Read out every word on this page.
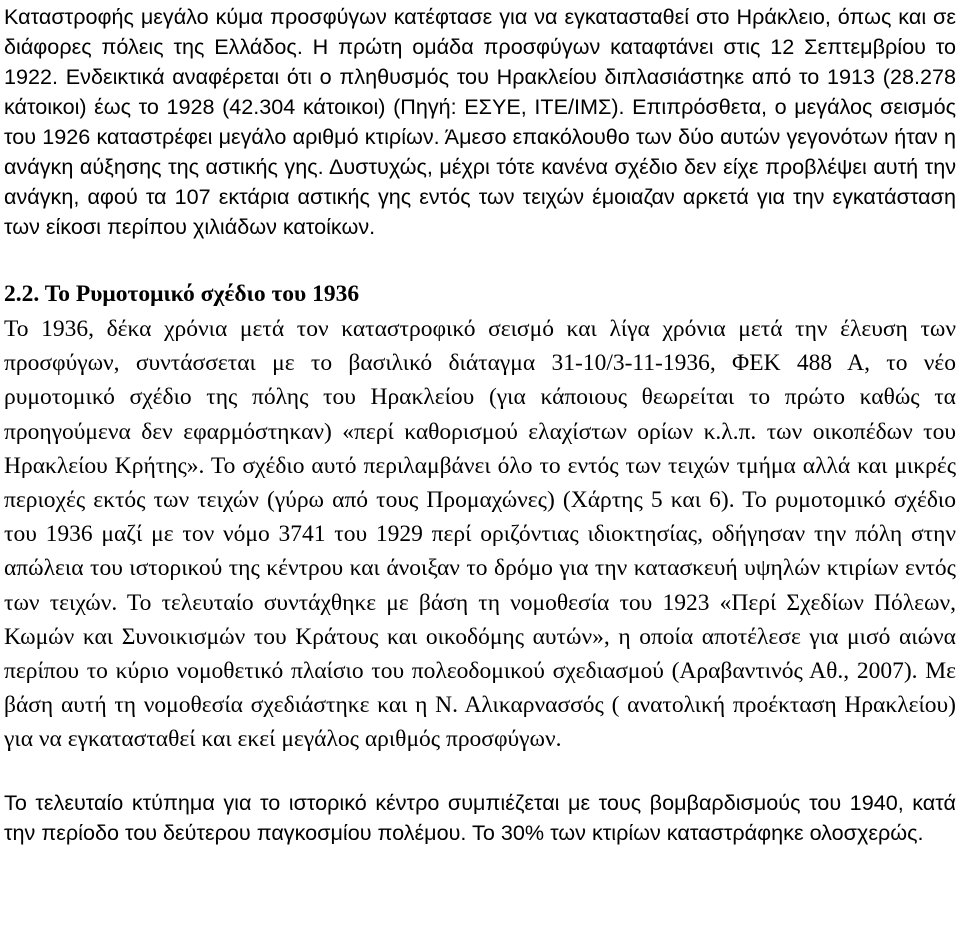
Καταστροφής μεγάλο κύμα προσφύγων κατέφτασε για να εγκατασταθεί στο Ηράκλειο, όπως και σε διάφορες πόλεις της Ελλάδος. Η πρώτη ομάδα προσφύγων καταφτάνει στις 12 Σεπτεμβρίου το 1922. Ενδεικτικά αναφέρεται ότι ο πληθυσμός του Ηρακλείου διπλασιάστηκε από το 1913 (28.278 κάτοικοι) έως το 1928 (42.304 κάτοικοι) (Πηγή: ΕΣΥΕ, ΙΤΕ/ΙΜΣ). Επιπρόσθετα, ο μεγάλος σεισμός του 1926 καταστρέφει μεγάλο αριθμό κτιρίων. Άμεσο επακόλουθο των δύο αυτών γεγονότων ήταν η ανάγκη αύξησης της αστικής γης. Δυστυχώς, μέχρι τότε κανένα σχέδιο δεν είχε προβλέψει αυτή την ανάγκη, αφού τα 107 εκτάρια αστικής γης εντός των τειχών έμοιαζαν αρκετά για την εγκατάσταση των είκοσι περίπου χιλιάδων κατοίκων.

2.2. Το Ρυμοτομικό σχέδιο του 1936

Το 1936, δέκα χρόνια μετά τον καταστροφικό σεισμό και λίγα χρόνια μετά την έλευση των προσφύγων, συντάσσεται με το βασιλικό διάταγμα 31-10/3-11-1936, ΦΕΚ 488 Α, το νέο ρυμοτομικό σχέδιο της πόλης του Ηρακλείου (για κάποιους θεωρείται το πρώτο καθώς τα προηγούμενα δεν εφαρμόστηκαν) «περί καθορισμού ελαχίστων ορίων κ.λ.π. των οικοπέδων του Ηρακλείου Κρήτης». Το σχέδιο αυτό περιλαμβάνει όλο το εντός των τειχών τμήμα αλλά και μικρές περιοχές εκτός των τειχών (γύρω από τους Προμαχώνες) (Χάρτης 5 και 6). Το ρυμοτομικό σχέδιο του 1936 μαζί με τον νόμο 3741 του 1929 περί οριζόντιας ιδιοκτησίας, οδήγησαν την πόλη στην απώλεια του ιστορικού της κέντρου και άνοιξαν το δρόμο για την κατασκευή υψηλών κτιρίων εντός των τειχών. Το τελευταίο συντάχθηκε με βάση τη νομοθεσία του 1923 «Περί Σχεδίων Πόλεων, Κωμών και Συνοικισμών του Κράτους και οικοδόμης αυτών», η οποία αποτέλεσε για μισό αιώνα περίπου το κύριο νομοθετικό πλαίσιο του πολεοδομικού σχεδιασμού (Αραβαντινός Αθ., 2007). Με βάση αυτή τη νομοθεσία σχεδιάστηκε και η Ν. Αλικαρνασσός ( ανατολική προέκταση Ηρακλείου) για να εγκατασταθεί και εκεί μεγάλος αριθμός προσφύγων.

Το τελευταίο κτύπημα για το ιστορικό κέντρο συμπιέζεται με τους βομβαρδισμούς του 1940, κατά την περίοδο του δεύτερου παγκοσμίου πολέμου. Το 30% των κτιρίων καταστράφηκε ολοσχερώς.
